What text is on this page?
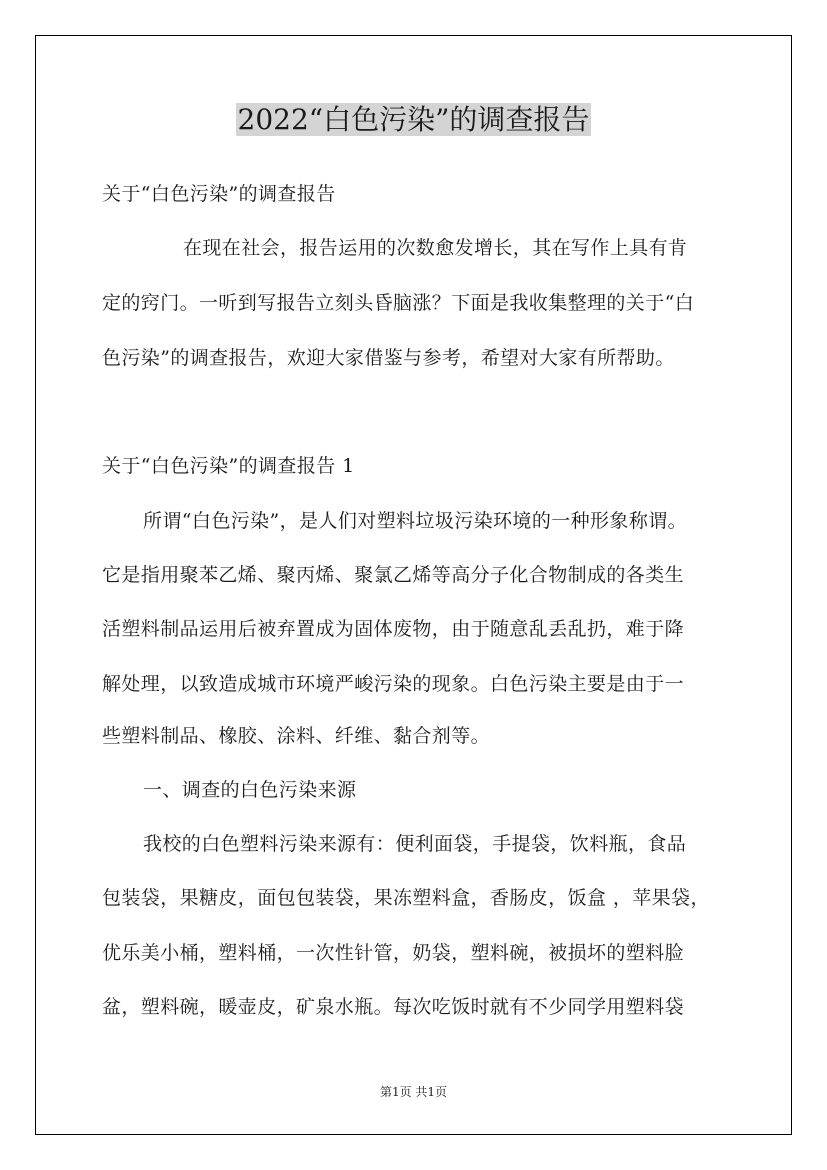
2022“白色污染”的调查报告
关于“白色污染”的调查报告
在现在社会，报告运用的次数愈发增长，其在写作上具有肯
定的窍门。一听到写报告立刻头昏脑涨？下面是我收集整理的关于“白
色污染”的调查报告，欢迎大家借鉴与参考，希望对大家有所帮助。
关于“白色污染”的调查报告 1
所谓“白色污染”，是人们对塑料垃圾污染环境的一种形象称谓。
它是指用聚苯乙烯、聚丙烯、聚氯乙烯等高分子化合物制成的各类生
活塑料制品运用后被弃置成为固体废物，由于随意乱丢乱扔，难于降
解处理，以致造成城市环境严峻污染的现象。白色污染主要是由于一
些塑料制品、橡胶、涂料、纤维、黏合剂等。
一、调查的白色污染来源
我校的白色塑料污染来源有：便利面袋，手提袋，饮料瓶，食品
包装袋，果糖皮，面包包装袋，果冻塑料盒，香肠皮，饭盒 ，苹果袋，
优乐美小桶，塑料桶，一次性针管，奶袋，塑料碗，被损坏的塑料脸
盆，塑料碗，暖壶皮，矿泉水瓶。每次吃饭时就有不少同学用塑料袋
第1页 共1页
